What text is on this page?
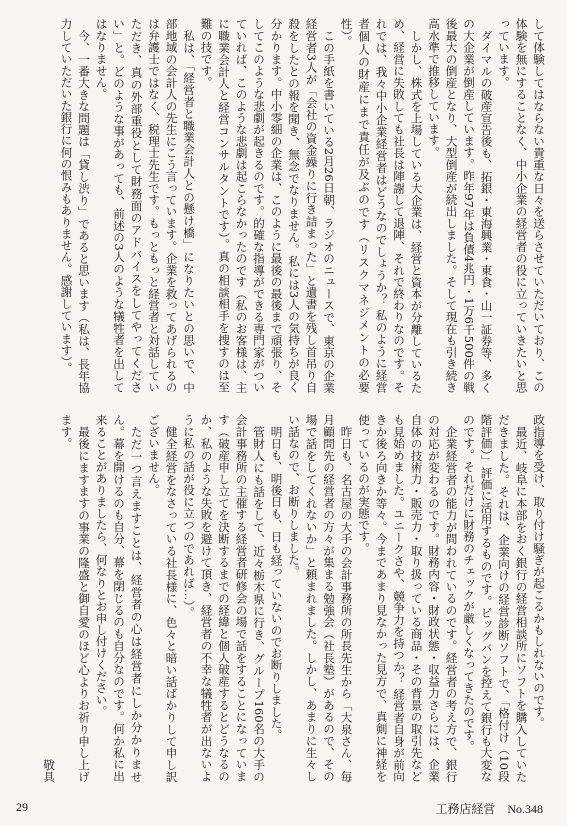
して体験してはならない貴重な日々を送らさせていただいており、この体験を無にすることなく、中小企業の経営者の役に立っていきたいと思っています。

ダイマルの破産宣告後も、拓銀・東海興業・東食・山一証券等、多くの大企業が倒産しています。昨年97年は負債4兆円・1万6千500件の戦後最大の倒産となり、大型倒産が続出しました。そして現在も引き続き高水準で推移しています。

しかし、株式を上場している大企業は、経営と資本が分離しているため、経営に失敗しても社長は陣謝して退陣、それで終わりなのです。それでは、我々中小企業経営者はどうなのでしょうか？ 私のように経営者個人の財産にまで責任が及ぶのです（リスクマネジメントの必要性）。

この手紙を書いている2月26日朝、ラジオのニュースで、東京の企業経営者3人が「会社の資金繰りに行き詰まった」と遺書を残し首吊り自殺をしたとの報を聞き、無念でなりません。私には3人の気持ちが良く分かります。中小零細の企業は、このように最後の最後まで頑張り、そしてこのような悲劇が起きるのです。的確な指導ができる専門家がついていれば、このような悲劇は起こらなかったのです（私のお客様は、主に職業会計人と経営コンサルタントです）。真の相談相手を捜すのは至難の技です。

私は、「経営者と職業会計人との懸け橋」になりたいとの思いで、中部地域の会計人の先生にこう言っています。企業を救ってあげられるのは弁護士ではなく、税理士先生です。もっともっと経営者と対話していただき、真の外部重役として財務面のアドバイスをしてやってください」と。どのような事があっても、前述の3人のような犠牲者を出してはなりません。

今、一番大きな問題は「貸し渋り」であると思います（私は、長年協力していただいた銀行に何の恨みもありません。感謝しています）。

政指導を受け、取り付け騒ぎが起こるかもしれないのです。

最近、岐阜に本部をおく銀行の経営相談所にソフトを購入していただきました。それは、企業向けの経営診断ソフトで、「格付け（10段階評価）」評価に活用するものです。ビッグバンを控えて銀行も大変なのです。それだけに財務のチェックが厳しくなってきたのです。

企業経営者の能力が問われているのです。経営者の考え方で、銀行の対応が変わるのです。財務内容・財政状態・収益力さらには、企業自体の技術力・販売力・取り扱っている商品・その背景の取引先なども見始めました。ユニークさや、競争力を持つか？ 経営者自身が前向きか後ろ向きか等々。今まであまり見なかった見方で、真剣に神経を使っているのが実態です。

昨日も、名古屋の大手の会計事務所の所長先生から「大泉さん、毎月顧問先の経営者の方々が集まる勉強会（社長塾）があるので、その場で話をしてくれないか」と頼まれました。しかし、あまりに生々しい話なので、お断りしました。

明日も、明後日も、日も経っていないのでお断りしました。

管財人にも話をして、近々栃木県に行き、グループ160名の大手の会計事務所の主催する経営者研修会の場で話をすることになっています（破産申し立てを決断するまでの経緯と個人破産するとどうなるのか、私のような失敗を避けて頂き、経営者の不幸な犠牲者が出ないように私の話が役に立つのであれば…）。

健全経営をなさっている社長様に、色々と暗い話ばかりして申し訳ございません。

ただ一つ言えますことは、経営者の心は経営者にしか分かりません。幕を開けるのも自分、幕を閉じるのも自分なのです。何か私に出来ることがありましたら、何なりとお申し付けください。

最後にますますの事業の隆盛と御自愛のほど心よりお祈り申し上げます。

敬具
29	工務店経営　No.348
